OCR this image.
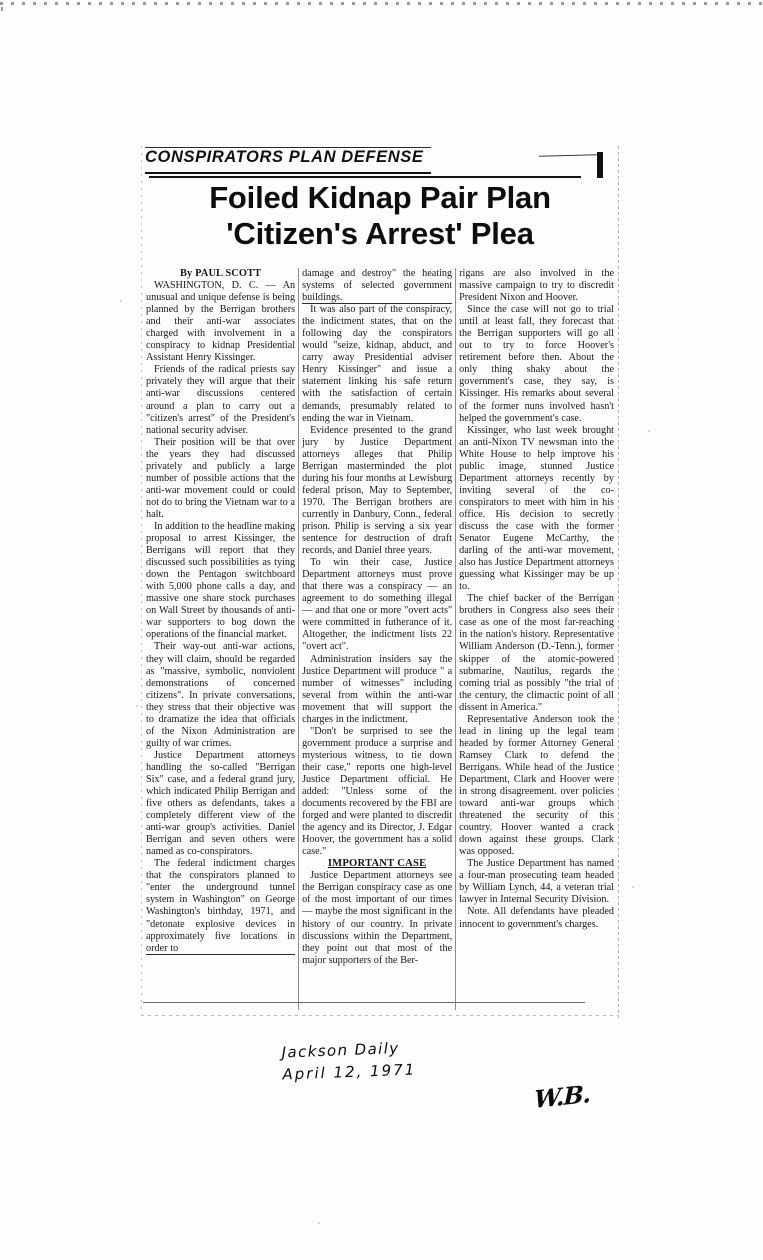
CONSPIRATORS PLAN DEFENSE
Foiled Kidnap Pair Plan
'Citizen's Arrest' Plea

By PAUL SCOTT

WASHINGTON, D. C. — An unusual and unique defense is being planned by the Berrigan brothers and their anti-war associates charged with involvement in a conspiracy to kidnap Presidential Assistant Henry Kissinger.

Friends of the radical priests say privately they will argue that their anti-war discussions centered around a plan to carry out a "citizen's arrest" of the President's national security adviser.

Their position will be that over the years they had discussed privately and publicly a large number of possible actions that the anti-war movement could or could not do to bring the Vietnam war to a halt.

In addition to the headline making proposal to arrest Kissinger, the Berrigans will report that they discussed such possibilities as tying down the Pentagon switchboard with 5,000 phone calls a day, and massive one share stock purchases on Wall Street by thousands of anti-war supporters to bog down the operations of the financial market.

Their way-out anti-war actions, they will claim, should be regarded as "massive, symbolic, nonviolent demonstrations of concerned citizens". In private conversations, they stress that their objective was to dramatize the idea that officials of the Nixon Administration are guilty of war crimes.

Justice Department attorneys handling the so-called "Berrigan Six" case, and a federal grand jury, which indicated Philip Berrigan and five others as defendants, takes a completely different view of the anti-war group's activities. Daniel Berrigan and seven others were named as co-conspirators.

The federal indictment charges that the conspirators planned to "enter the underground tunnel system in Washington" on George Washington's birthday, 1971, and "detonate explosive devices in approximately five locations in order to

damage and destroy" the heating systems of selected government buildings.

It was also part of the conspiracy, the indictment states, that on the following day the conspirators would "seize, kidnap, abduct, and carry away Presidential adviser Henry Kissinger" and issue a statement linking his safe return with the satisfaction of certain demands, presumably related to ending the war in Vietnam.

Evidence presented to the grand jury by Justice Department attorneys alleges that Philip Berrigan masterminded the plot during his four months at Lewisburg federal prison, May to September, 1970. The Berrigan brothers are currently in Danbury, Conn., federal prison. Philip is serving a six year sentence for destruction of draft records, and Daniel three years.

To win their case, Justice Department attorneys must prove that there was a conspiracy — an agreement to do something illegal — and that one or more "overt acts" were committed in futherance of it. Altogether, the indictment lists 22 "overt act".

Administration insiders say the Justice Department will produce " a number of witnesses" including several from within the anti-war movement that will support the charges in the indictment.

"Don't be surprised to see the government produce a surprise and mysterious witness, to tie down their case," reports one high-level Justice Department official. He added: "Unless some of the documents recovered by the FBI are forged and were planted to discredit the agency and its Director, J. Edgar Hoover, the government has a solid case."

IMPORTANT CASE

Justice Department attorneys see the Berrigan conspiracy case as one of the most important of our times — maybe the most significant in the history of our country. In private discussions within the Department, they point out that most of the major supporters of the Ber-

rigans are also involved in the massive campaign to try to discredit President Nixon and Hoover.

Since the case will not go to trial until at least fall, they forecast that the Berrigan supporters will go all out to try to force Hoover's retirement before then. About the only thing shaky about the government's case, they say, is Kissinger. His remarks about several of the former nuns involved hasn't helped the government's case.

Kissinger, who last week brought an anti-Nixon TV newsman into the White House to help improve his public image, stunned Justice Department attorneys recently by inviting several of the co-conspirators to meet with him in his office. His decision to secretly discuss the case with the former Senator Eugene McCarthy, the darling of the anti-war movement, also has Justice Department attorneys guessing what Kissinger may be up to.

The chief backer of the Berrigan brothers in Congress also sees their case as one of the most far-reaching in the nation's history. Representative William Anderson (D.-Tenn.), former skipper of the atomic-powered submarine, Nautilus, regards the coming trial as possibly "the trial of the century, the climactic point of all dissent in America."

Representative Anderson took the lead in lining up the legal team headed by former Attorney General Ramsey Clark to defend the Berrigans. While head of the Justice Department, Clark and Hoover were in strong disagreement. over policies toward anti-war groups which threatened the security of this country. Hoover wanted a crack down against these groups. Clark was opposed.

The Justice Department has named a four-man prosecuting team headed by William Lynch, 44, a veteran trial lawyer in Internal Security Division.

Note. All defendants have pleaded innocent to government's charges.

Jackson Daily
April 12, 1971
W.B.
